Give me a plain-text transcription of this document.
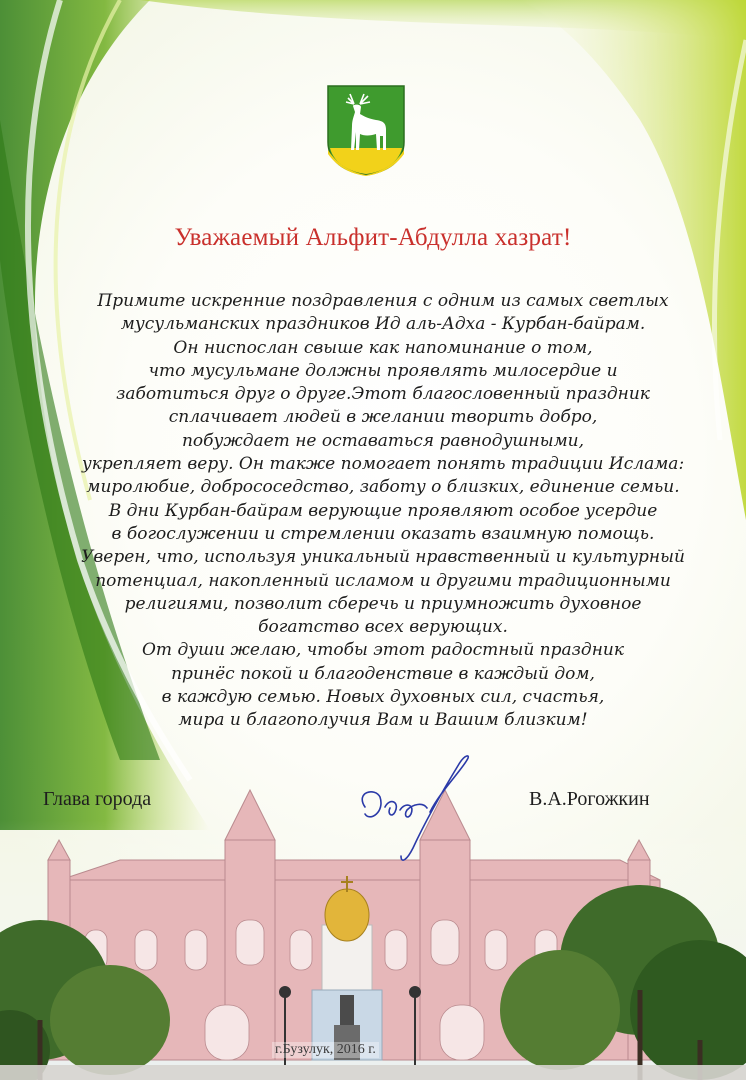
Уважаемый Альфит-Абдулла хазрат!
Примите искренние поздравления с одним из самых светлых
мусульманских праздников Ид аль-Адха - Курбан-байрам.
Он ниспослан свыше как напоминание о том,
что мусульмане должны проявлять милосердие и
заботиться друг о друге.Этот благословенный праздник
сплачивает людей в желании творить добро,
побуждает не оставаться равнодушными,
укрепляет веру. Он также помогает понять традиции Ислама:
миролюбие, добрососедство, заботу о близких, единение семьи.
В дни Курбан-байрам верующие проявляют особое усердие
в богослужении и стремлении оказать взаимную помощь.
Уверен, что, используя уникальный нравственный и культурный
потенциал, накопленный исламом и другими традиционными
религиями, позволит сберечь и приумножить духовное
богатство всех верующих.
От души желаю, чтобы этот радостный праздник
принёс покой и благоденствие в каждый дом,
в каждую семью. Новых духовных сил, счастья,
мира и благополучия Вам и Вашим близким!
Глава города	В.А.Рогожкин
г.Бузулук, 2016 г.
